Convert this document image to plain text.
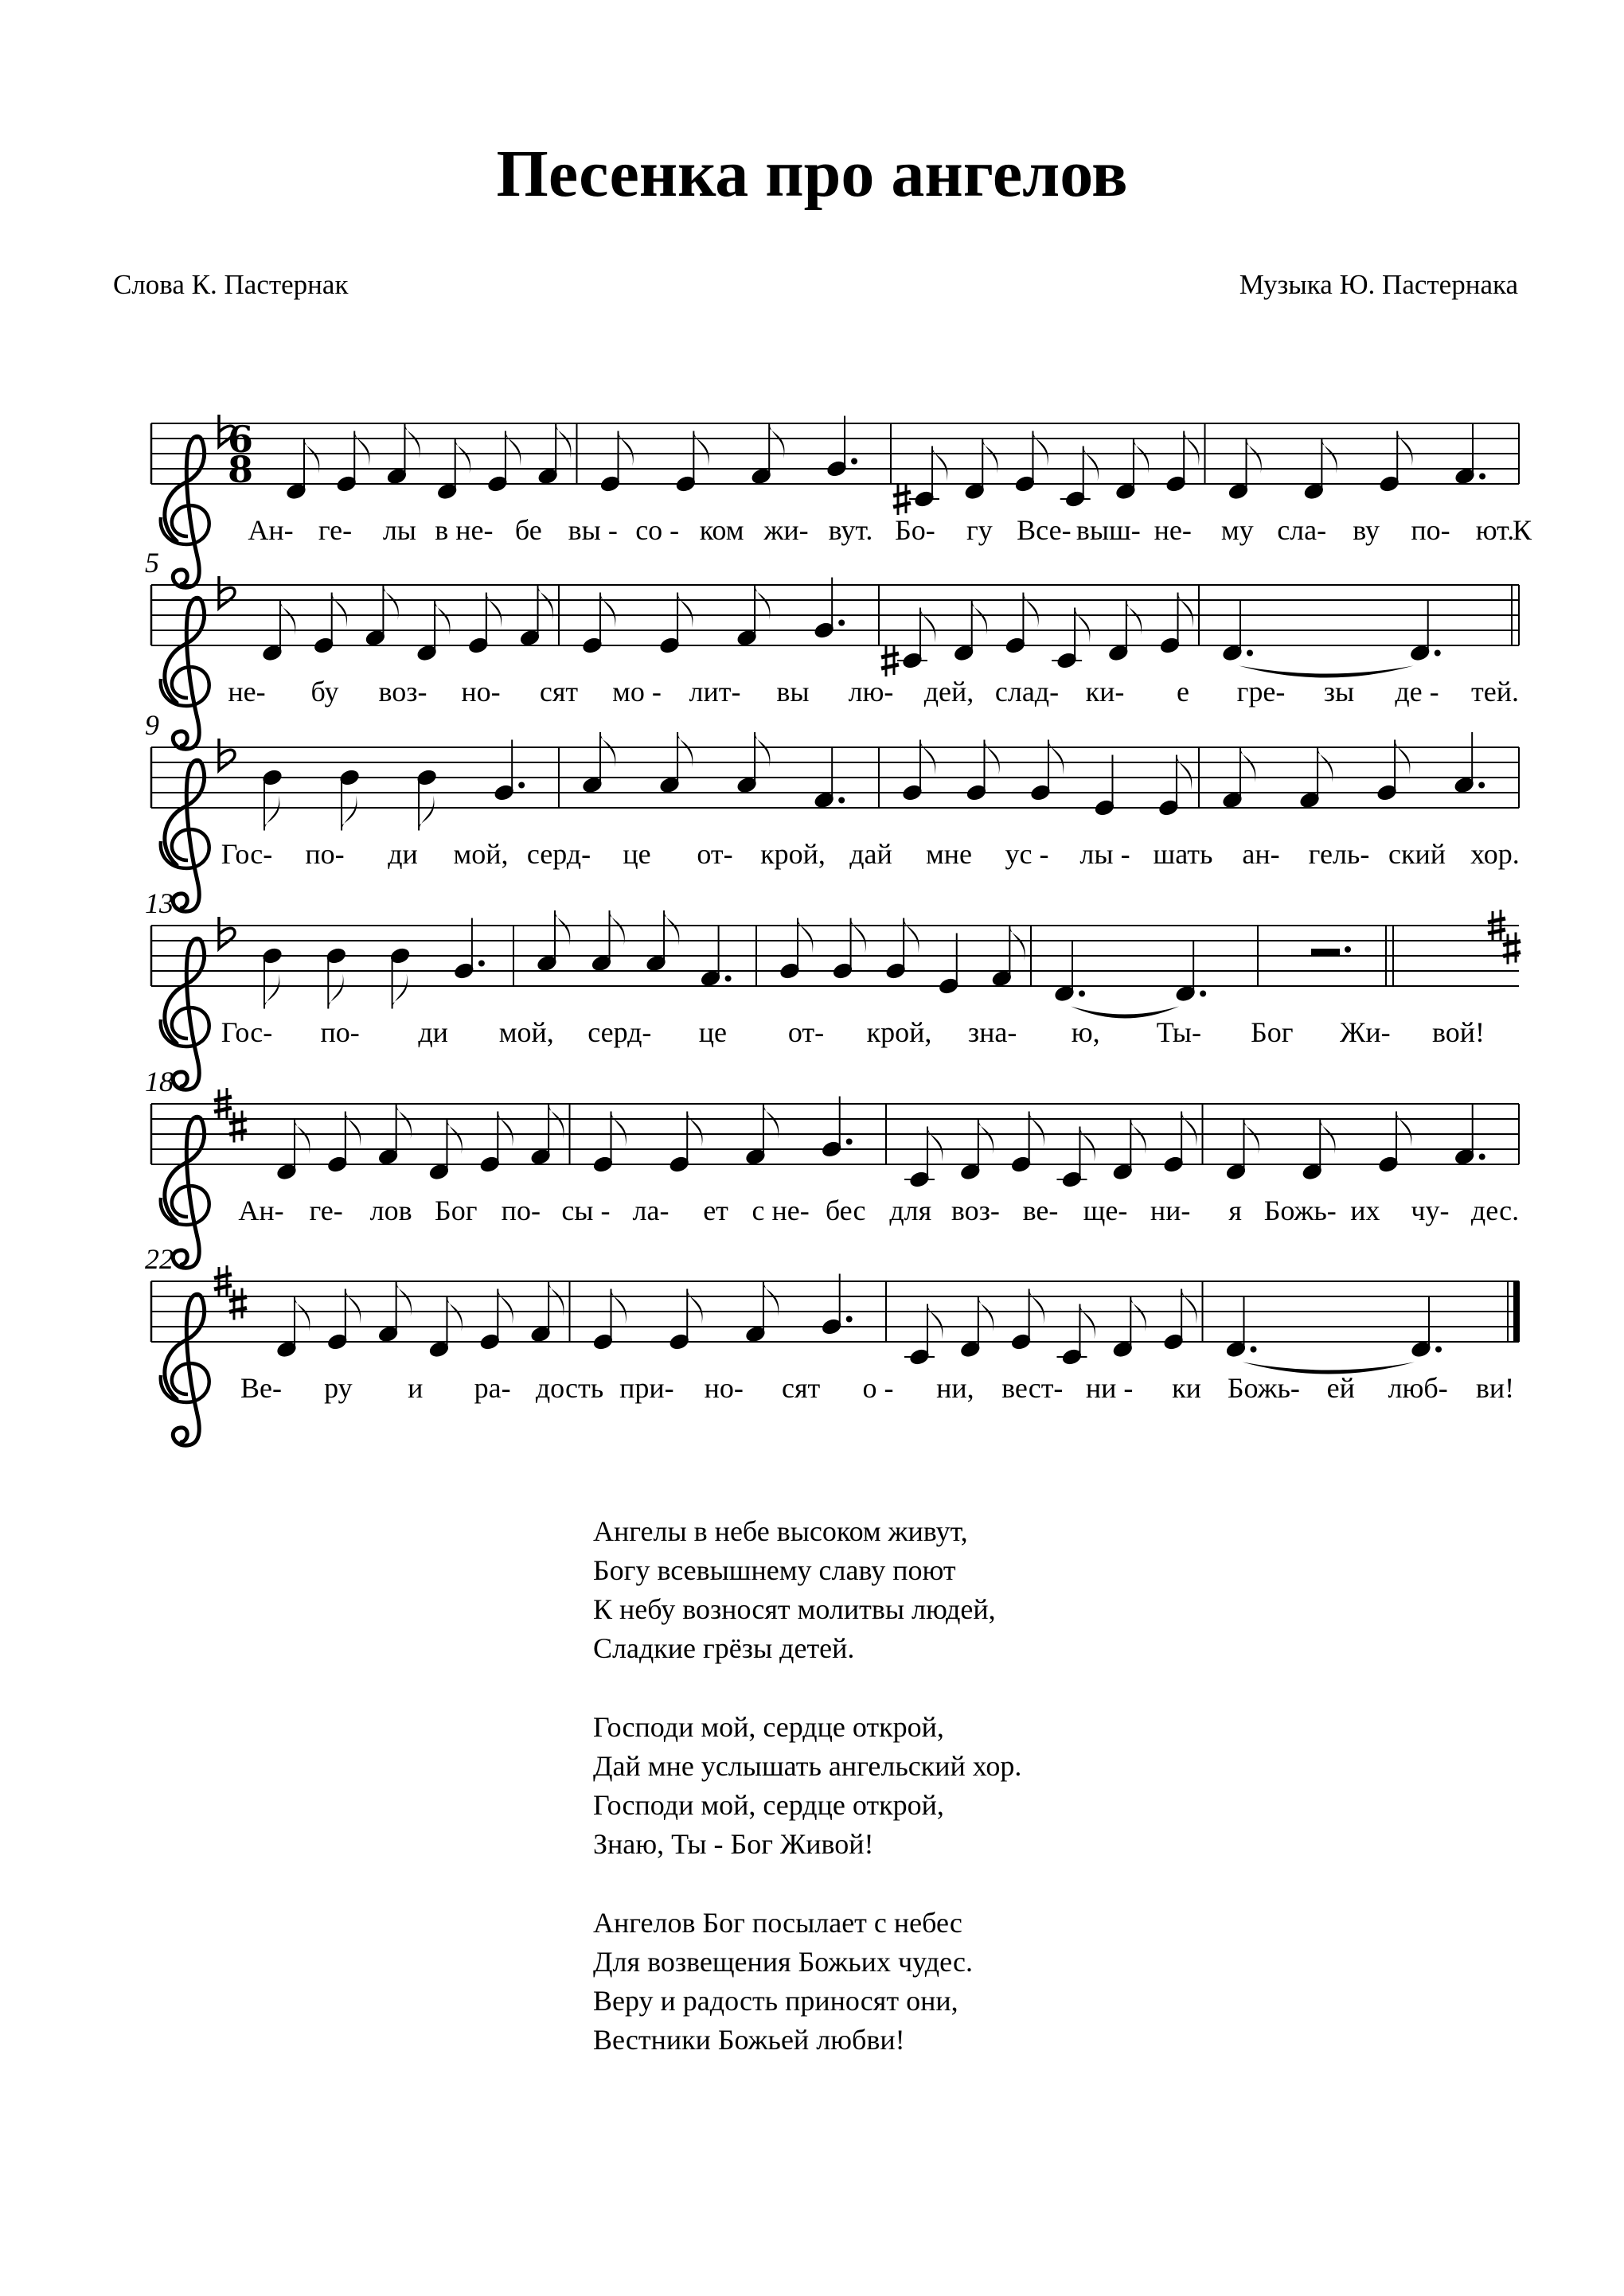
Песенка про ангелов
Слова К. Пастернак	Музыка Ю. Пастернака
6
8
Ан- ге- лы в не- бе вы - со - ком жи- вут. Бо- гу Все- выш- не- му сла- ву по- ют.
К
5
не- бу воз- но- сят мо - лит- вы лю- дей, слад- ки- е гре- зы де - тей.
9
Гос- по- ди мой, серд- це от- крой, дай мне ус - лы - шать ан- гель- ский хор.
13
Гос- по- ди мой, серд- це от- крой, зна- ю, Ты- Бог Жи- вой!
18
Ан- ге- лов Бог по- сы - ла- ет с не- бес для воз- ве- ще- ни- я Божь- их чу- дес.
22
Ве- ру и ра- дость при- но- сят о - ни, вест- ни - ки Божь- ей люб- ви!
Ангелы в небе высоком живут,
Богу всевышнему славу поют
К небу возносят молитвы людей,
Сладкие грёзы детей.
Господи мой, сердце открой,
Дай мне услышать ангельский хор.
Господи мой, сердце открой,
Знаю, Ты - Бог Живой!
Ангелов Бог посылает с небес
Для возвещения Божьих чудес.
Веру и радость приносят они,
Вестники Божьей любви!
